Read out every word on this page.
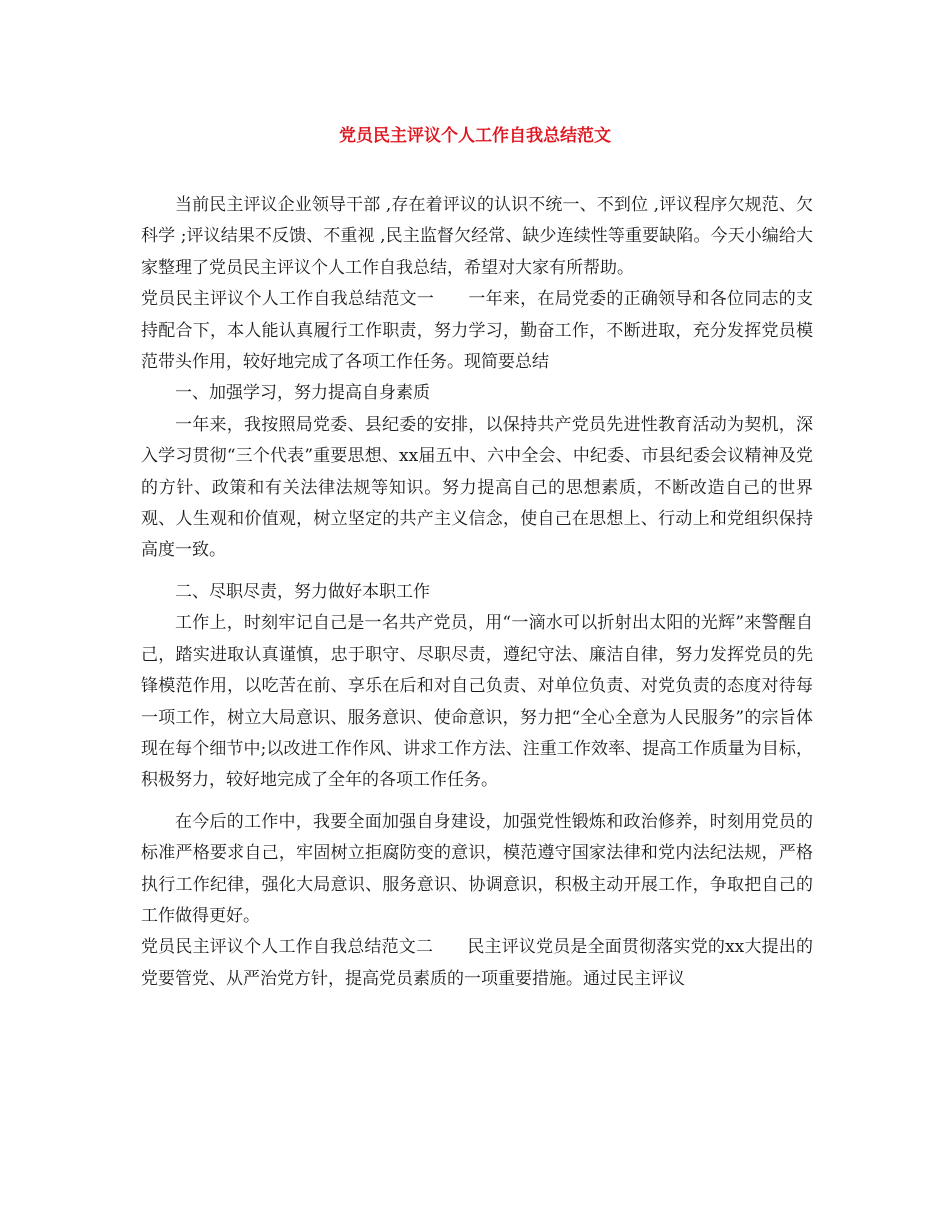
党员民主评议个人工作自我总结范文

当前民主评议企业领导干部 ,存在着评议的认识不统一、不到位 ,评议程序欠规范、欠科学 ;评议结果不反馈、不重视 ,民主监督欠经常、缺少连续性等重要缺陷。今天小编给大家整理了党员民主评议个人工作自我总结，希望对大家有所帮助。

党员民主评议个人工作自我总结范文一 一年来，在局党委的正确领导和各位同志的支持配合下，本人能认真履行工作职责，努力学习，勤奋工作，不断进取，充分发挥党员模范带头作用，较好地完成了各项工作任务。现简要总结

一、加强学习，努力提高自身素质

一年来，我按照局党委、县纪委的安排，以保持共产党员先进性教育活动为契机，深入学习贯彻“三个代表”重要思想、xx届五中、六中全会、中纪委、市县纪委会议精神及党的方针、政策和有关法律法规等知识。努力提高自己的思想素质，不断改造自己的世界观、人生观和价值观，树立坚定的共产主义信念，使自己在思想上、行动上和党组织保持高度一致。

二、尽职尽责，努力做好本职工作

工作上，时刻牢记自己是一名共产党员，用“一滴水可以折射出太阳的光辉”来警醒自己，踏实进取认真谨慎，忠于职守、尽职尽责，遵纪守法、廉洁自律，努力发挥党员的先锋模范作用，以吃苦在前、享乐在后和对自己负责、对单位负责、对党负责的态度对待每一项工作，树立大局意识、服务意识、使命意识，努力把“全心全意为人民服务”的宗旨体现在每个细节中;以改进工作作风、讲求工作方法、注重工作效率、提高工作质量为目标，积极努力，较好地完成了全年的各项工作任务。

在今后的工作中，我要全面加强自身建设，加强党性锻炼和政治修养，时刻用党员的标准严格要求自己，牢固树立拒腐防变的意识，模范遵守国家法律和党内法纪法规，严格执行工作纪律，强化大局意识、服务意识、协调意识，积极主动开展工作，争取把自己的工作做得更好。

党员民主评议个人工作自我总结范文二 民主评议党员是全面贯彻落实党的xx大提出的党要管党、从严治党方针，提高党员素质的一项重要措施。通过民主评议
